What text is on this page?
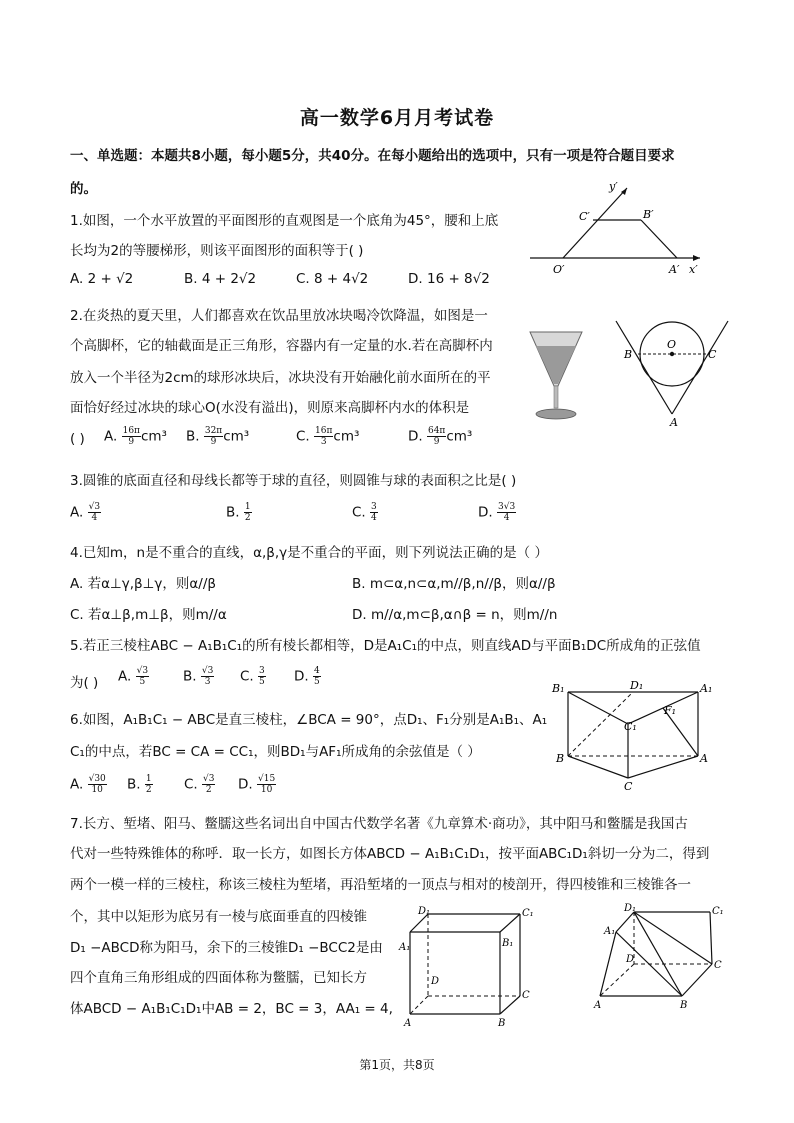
高一数学6月月考试卷
一、单选题：本题共8小题，每小题5分，共40分。在每小题给出的选项中，只有一项是符合题目要求
的。
1.如图，一个水平放置的平面图形的直观图是一个底角为45°，腰和上底
长均为2的等腰梯形，则该平面图形的面积等于( )
A. 2 + √2	B. 4 + 2√2	C. 8 + 4√2	D. 16 + 8√2
y′
C′	B′
O′	A′ x′
2.在炎热的夏天里，人们都喜欢在饮品里放冰块喝冷饮降温，如图是一
个高脚杯，它的轴截面是正三角形，容器内有一定量的水.若在高脚杯内
放入一个半径为2cm的球形冰块后，冰块没有开始融化前水面所在的平
面恰好经过冰块的球心O(水没有溢出)，则原来高脚杯内水的体积是
( ) A. $\frac{16\pi}{9} cm^3$ B. $\frac{32\pi}{9} cm^3$	C. $\frac{16\pi}{3} cm^3$	D. $\frac{64\pi}{9} cm^3$
O
B	C
A
3.圆锥的底面直径和母线长都等于球的直径，则圆锥与球的表面积之比是( )
A. $\frac{√3}{4}$	B. $\frac{1}{2}$	C. $\frac{3}{4}$	D. $\frac{3√3}{4}$
4.已知m，n是不重合的直线，α,β,γ是不重合的平面，则下列说法正确的是（ ）
A. 若α⊥γ,β⊥γ，则α//β	B. m⊂α,n⊂α,m//β,n//β，则α//β
C. 若α⊥β,m⊥β，则m//α	D. m//α,m⊂β,α∩β = n，则m//n
5.若正三棱柱ABC − A₁B₁C₁的所有棱长都相等，D是A₁C₁的中点，则直线AD与平面B₁DC所成角的正弦值
为( ) A. $\frac{√3}{5}$	B. $\frac{√3}{3} C$. $\frac{3}{5} D$. $\frac{4}{5}$
6.如图，A₁B₁C₁ − ABC是直三棱柱，∠BCA = 90°，点D₁、F₁分别是A₁B₁、A₁
C₁的中点，若BC = CA = CC₁，则BD₁与AF₁所成角的余弦值是（ ）
A. $\frac{√30}{10} B$. $\frac{1}{2} C$. $\frac{√3}{2} D$. $\frac{√15}{10}$
B₁	D₁	A₁
F₁
C₁
B	A
C
7.长方、堑堵、阳马、鳖臑这些名词出自中国古代数学名著《九章算术·商功》，其中阳马和鳖臑是我国古
代对一些特殊锥体的称呼．取一长方，如图长方体ABCD − A₁B₁C₁D₁，按平面ABC₁D₁斜切一分为二，得到
两个一模一样的三棱柱，称该三棱柱为堑堵，再沿堑堵的一顶点与相对的棱剖开，得四棱锥和三棱锥各一
个，其中以矩形为底另有一棱与底面垂直的四棱锥
D₁ −ABCD称为阳马，余下的三棱锥D₁ −BCC2是由
四个直角三角形组成的四面体称为鳖臑，已知长方
体ABCD − A₁B₁C₁D₁中AB = 2，BC = 3，AA₁ = 4,
D₁	C₁
A₁	B₁
D
C
A	B
D₁	C₁
A₁
D
C
A	B
第1页，共8页
